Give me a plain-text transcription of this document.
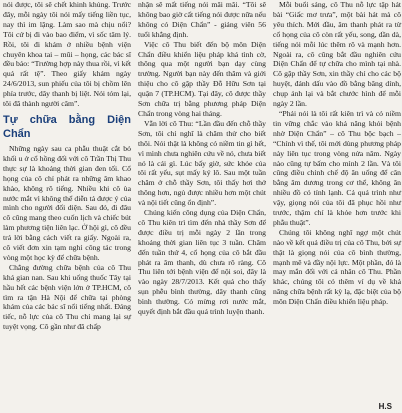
nói được, tôi sẽ chết khinh khủng. Trước đây, mỗi ngày tôi nói mấy tiếng liền tục, nay thì im lặng. Làm sao mà chịu nổi? Tôi cứ bị đi vào bao điểm, vì sốc tâm lý. Rồi, tôi đi khám ở nhiều bệnh viện chuyên khoa tai – mũi – họng, các bác sĩ đều bảo: “Trường hợp này thua rồi, vì kết quả rất tệ”. Theo giấy khám ngày 24/6/2013, sun phiếu của tôi bị chồm lên phía trước, dây thanh bị liệt. Nói tóm lại, tôi đã thành người câm”.

Tự chữa bằng Diện Chẩn

Những ngày sau ca phẫu thuật cắt bỏ khối u ở cổ hồng đối với cô Trần Thị Thu thực sự là khoảng thời gian đen tối. Cổ họng của cô chỉ phát ra những âm khao khào, không rõ tiếng. Nhiều khi cô ùa nước mắt vì không thể diễn tả được ý của mình cho người đối diện. Sau đó, đi đâu cô cũng mang theo cuốn lịch và chiếc bút làm phương tiện liên lạc. Ở hội gì, cô đều trả lời bằng cách viết ra giấy. Ngoài ra, cô viết đơn xin tạm nghỉ công tác trong vòng một học kỳ để chữa bệnh.

Chẳng đường chữa bệnh của cô Thu khá gian nan. Sau khi uống thuốc Tây tại hầu hết các bệnh viện lớn ở TP.HCM, cô tìm ra tận Hà Nội để chữa tại phòng khám của các bác sĩ nổi tiếng nhất. Đáng tiếc, nỗ lực của cô Thu chỉ mang lại sự tuyệt vọng. Cô gần như đã chấp

nhận sẽ mất tiếng nói mãi mãi. “Tôi sẽ không bao giờ cất tiếng nói được nữa nếu không có Diện Chẩn” - giảng viên 56 tuổi khẳng định.

Việc cô Thu biết đến bộ môn Diện Chẩn điều khiển liệu pháp khá tình cờ, thông qua một người bạn dạy cùng trường. Người bạn này đến thăm và giới thiệu cho cô gặp thầy Đỗ Hữu Sơn tại quận 7 (TP.HCM). Tại đây, cô được thầy Sơn chữa trị bằng phương pháp Diện Chẩn trong vòng hai tháng.

Vẫn lời cô Thu: “Lần đầu đến chỗ thầy Sơn, tôi chỉ nghĩ là chăm thử cho biết thôi. Nói thật là không có niềm tin gì hết, vì mình chưa nghiên cứu về nó, chưa biết nó là cái gì. Lúc bấy giờ, sức khỏe của tôi rất yếu, sụt mấy ký lô. Sau một tuần chăm ở chỗ thầy Sơn, tôi thấy hơi thở thông hơn, ngủ được nhiều hơn một chút và nội tiết cũng ổn định”.

Chúng kiến công dụng của Diện Chẩn, cô Thu kiên trì tìm đến nhà thầy Sơn để được điều trị mỗi ngày 2 lần trong khoảng thời gian liên tục 3 tuần. Chăm đến tuần thứ 4, cổ họng của cô bắt đầu phát ra âm thanh, dù chưa rõ ràng. Cô Thu liên tới bệnh viện để nội soi, đây là vào ngày 28/7/2013. Kết quả cho thấy sụn phễu bình thường, dây thanh cũng bình thường. Có mừng rơi nước mắt, quyết định bắt đầu quá trình luyện thanh.

Mỗi buổi sáng, cô Thu nỗ lực tập hát bài “Giấc mơ trưa”, một bài hát mà cô yêu thích. Mới đầu, âm thanh phát ra từ cổ họng của cô còn rất yếu, song, dần dà, tiếng nói mỗi lúc thêm rõ và mạnh hơn. Ngoài ra, cô cũng bắt đầu nghiên cứu Diện Chẩn để tự chữa cho mình tại nhà. Cô gặp thầy Sơn, xin thầy chỉ cho các bộ huyệt, đánh dấu vào đồ bằng băng dính, chụp ảnh lại và bắt chước hình để mỗi ngày 2 lần.

“Phải nói là tôi rất kiên trì và có niềm tin vững chắc vào khả năng khỏi bệnh nhờ Diện Chẩn” – cô Thu bộc bạch – “Chính vì thế, tôi mới dùng phương pháp này liên tục trong vòng nửa năm. Ngày nào cũng tự bấm cho mình 2 lần. Và tôi cũng điều chỉnh chế độ ăn uống để cân bằng âm dương trong cơ thể, không ăn nhiều đồ có tính lạnh. Cả quá trình như vậy, giọng nói của tôi đã phục hồi như trước, thậm chí là khỏe hơn trước khi phẫu thuật”.

Chúng tôi không nghĩ ngợ một chút nào về kết quả điều trị của cô Thu, bởi sự thật là giọng nói của cô bình thường, mạnh mẽ và đầy nội lực. Một phần, đó là may mắn đối với cá nhân cô Thu. Phần khác, chúng tôi có thêm ví dụ về khả năng chữa bệnh rất kỳ lạ, đặc biệt của bộ môn Diện Chẩn điều khiển liệu pháp.

H.S
